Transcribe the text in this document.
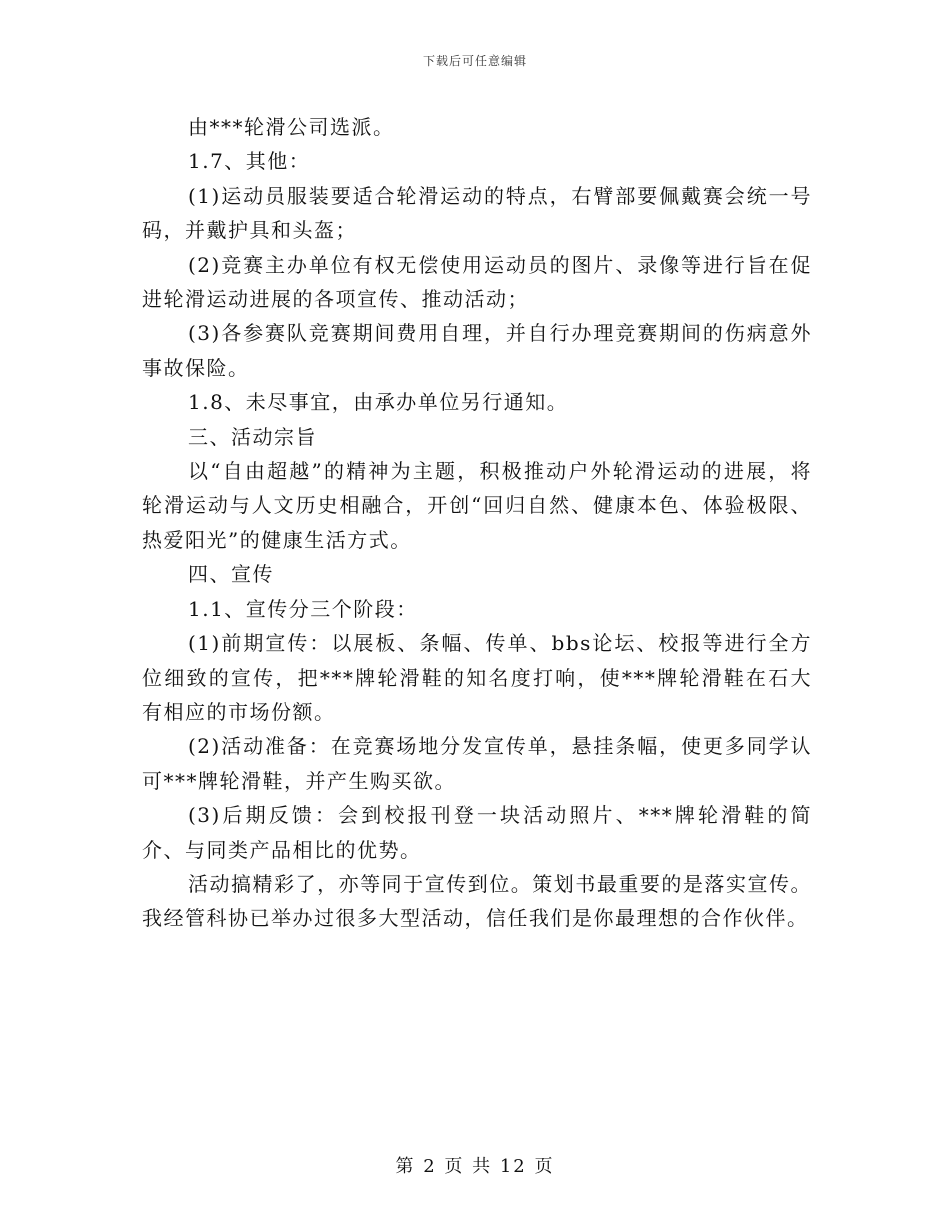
下载后可任意编辑

由***轮滑公司选派。

1.7、其他：

(1)运动员服装要适合轮滑运动的特点，右臂部要佩戴赛会统一号码，并戴护具和头盔；

(2)竞赛主办单位有权无偿使用运动员的图片、录像等进行旨在促进轮滑运动进展的各项宣传、推动活动；

(3)各参赛队竞赛期间费用自理，并自行办理竞赛期间的伤病意外事故保险。

1.8、未尽事宜，由承办单位另行通知。

三、活动宗旨

以“自由超越”的精神为主题，积极推动户外轮滑运动的进展，将轮滑运动与人文历史相融合，开创“回归自然、健康本色、体验极限、热爱阳光”的健康生活方式。

四、宣传

1.1、宣传分三个阶段：

(1)前期宣传：以展板、条幅、传单、bbs论坛、校报等进行全方位细致的宣传，把***牌轮滑鞋的知名度打响，使***牌轮滑鞋在石大有相应的市场份额。

(2)活动准备：在竞赛场地分发宣传单，悬挂条幅，使更多同学认可***牌轮滑鞋，并产生购买欲。

(3)后期反馈：会到校报刊登一块活动照片、***牌轮滑鞋的简介、与同类产品相比的优势。

活动搞精彩了，亦等同于宣传到位。策划书最重要的是落实宣传。我经管科协已举办过很多大型活动，信任我们是你最理想的合作伙伴。

第 2 页 共 12 页
